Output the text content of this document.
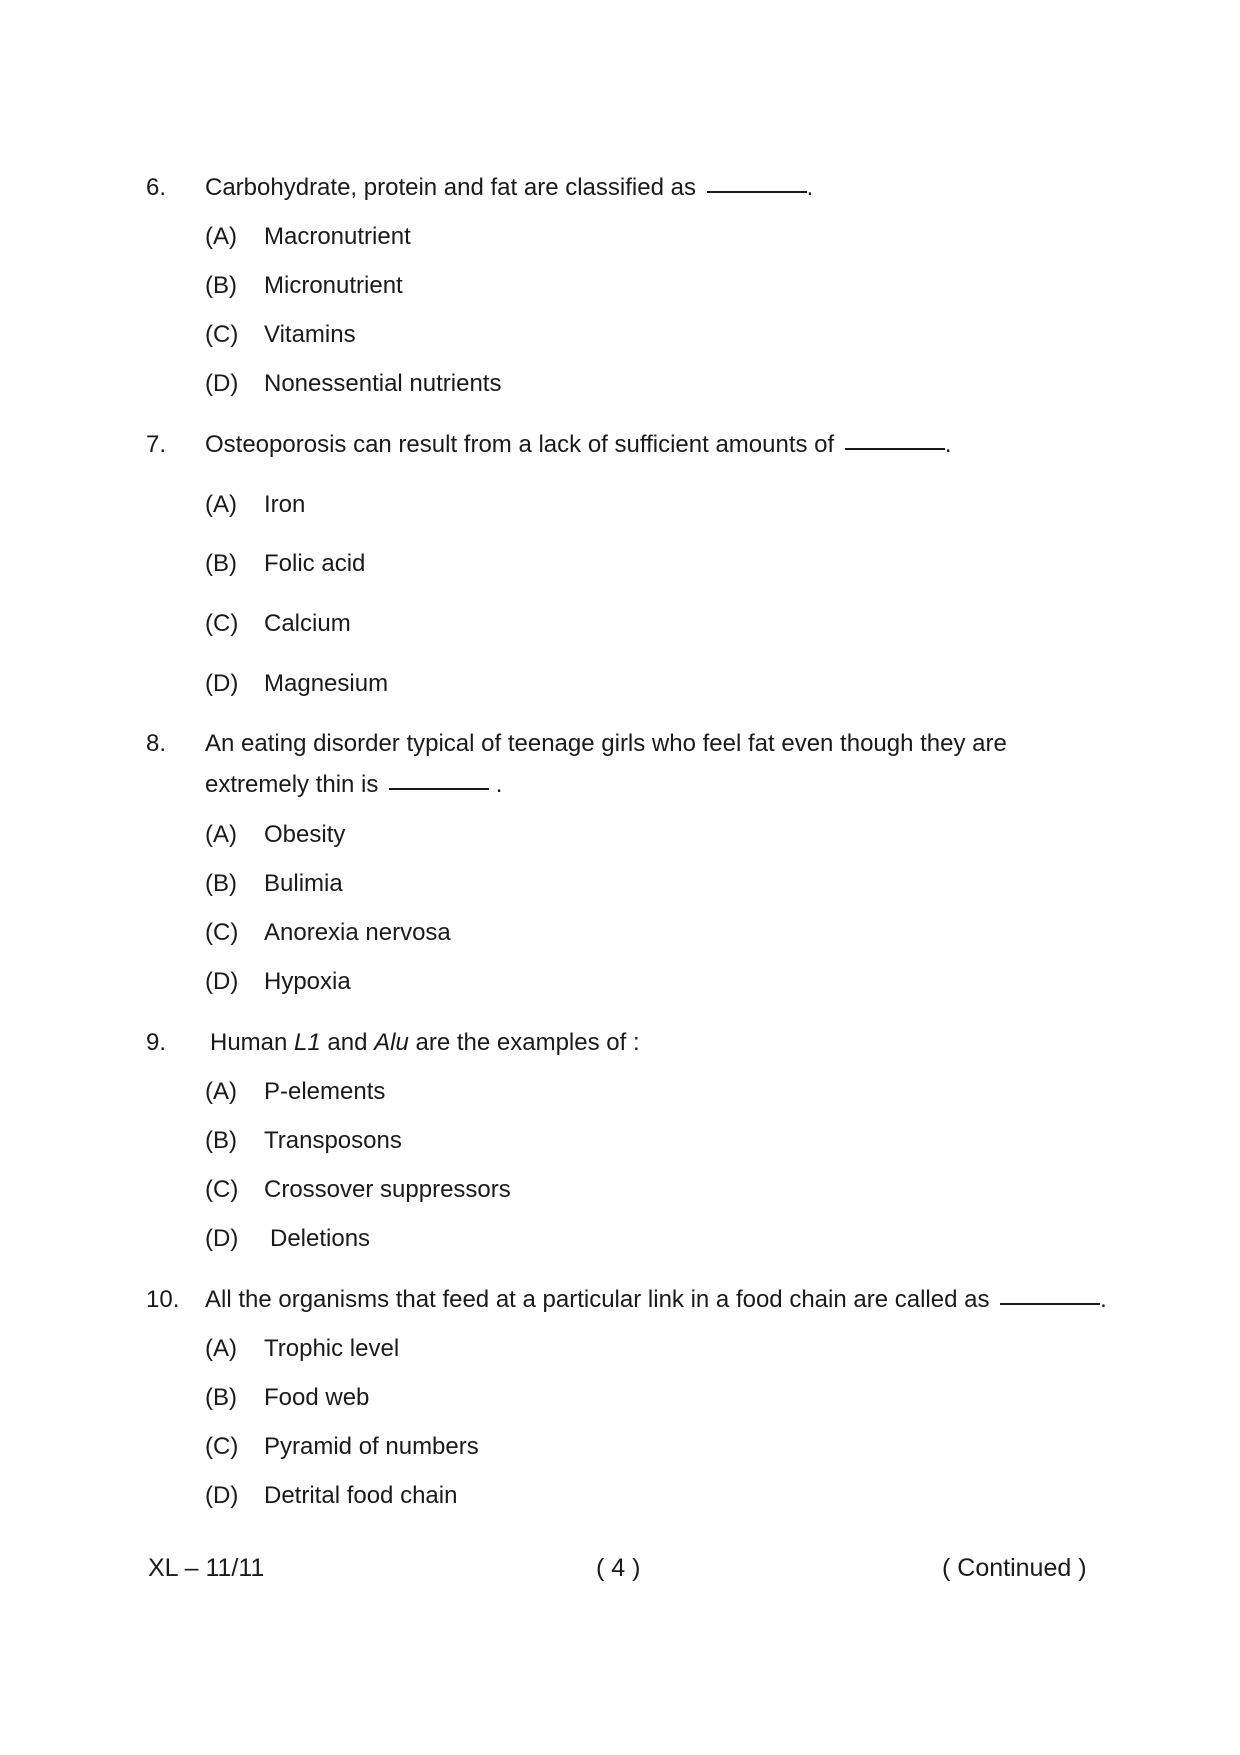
6. Carbohydrate, protein and fat are classified as	.
(A) Macronutrient
(B) Micronutrient
(C) Vitamins
(D) Nonessential nutrients
7. Osteoporosis can result from a lack of sufficient amounts of	.
(A) Iron
(B) Folic acid
(C) Calcium
(D) Magnesium
8. An eating disorder typical of teenage girls who feel fat even though they are
extremely thin is	.
(A) Obesity
(B) Bulimia
(C) Anorexia nervosa
(D) Hypoxia
9. Human L1 and Alu are the examples of :
(A) P-elements
(B) Transposons
(C) Crossover suppressors
(D) Deletions
10. All the organisms that feed at a particular link in a food chain are called as	.
(A) Trophic level
(B) Food web
(C) Pyramid of numbers
(D) Detrital food chain
XL – 11/11	( 4 )	( Continued )
